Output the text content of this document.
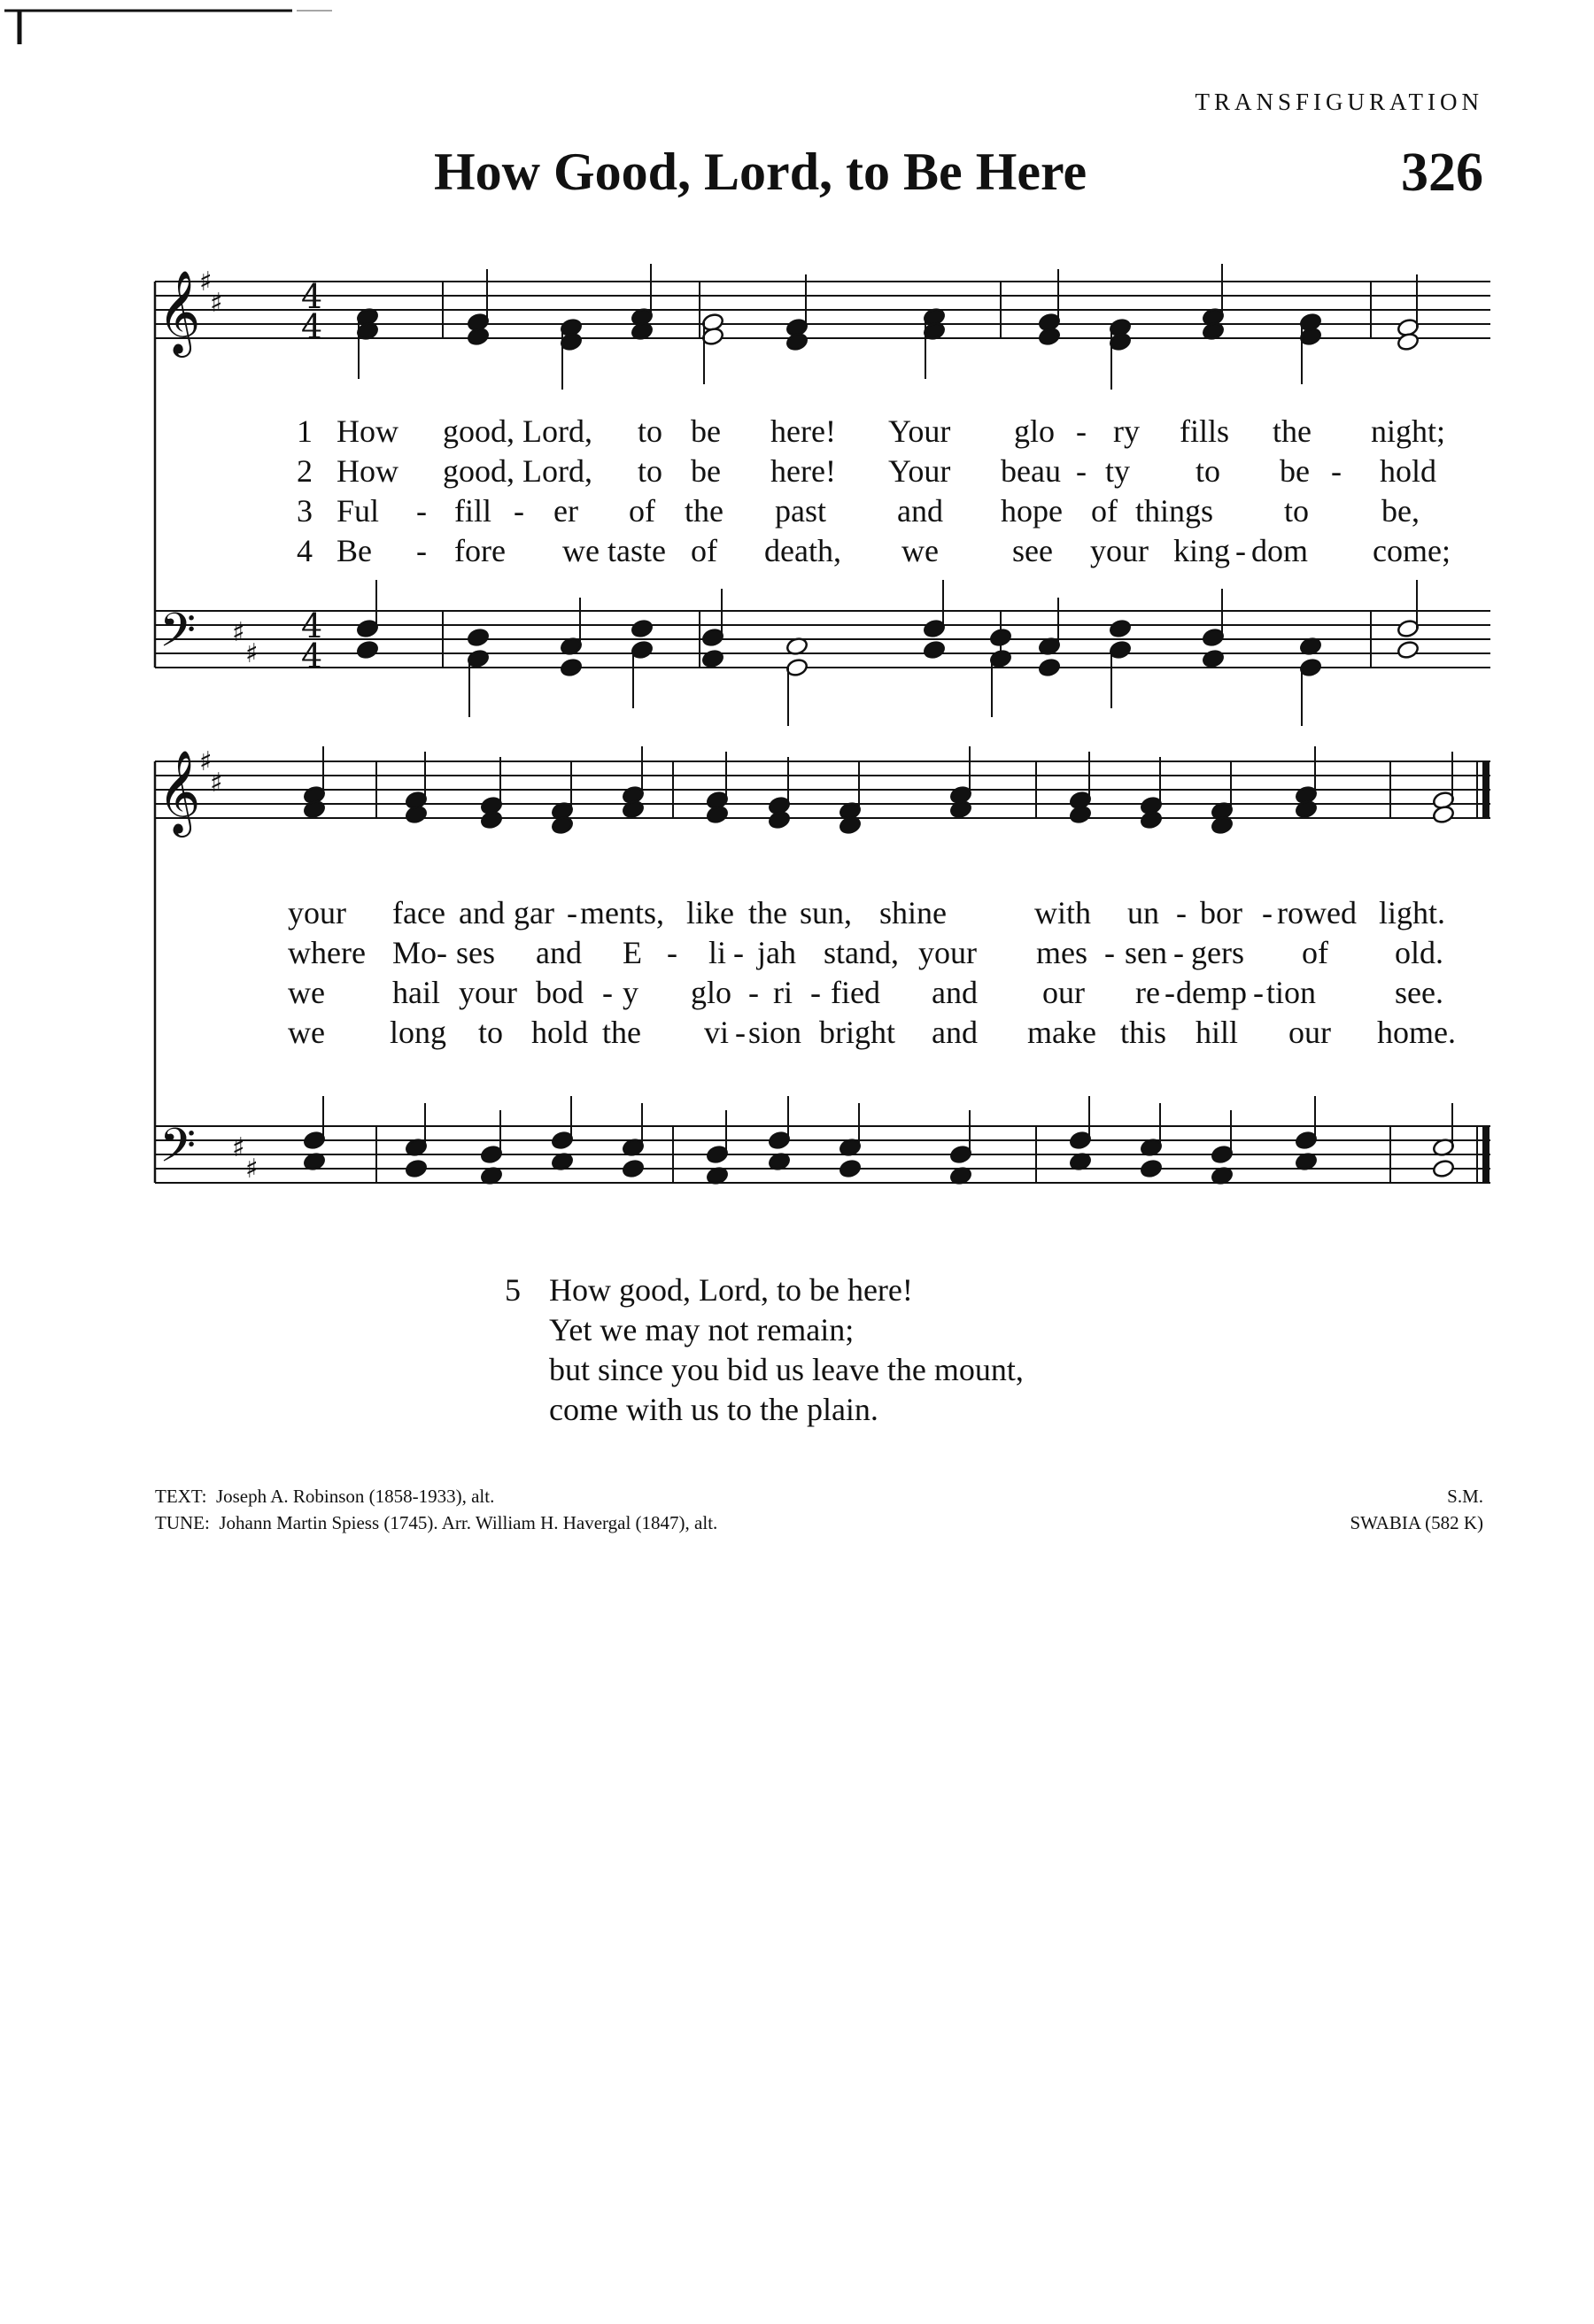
TRANSFIGURATION
How Good, Lord, to Be Here	326
1 How good, Lord, to be here! Your glo - ry fills the night;
2 How good, Lord, to be here! Your beau - ty to be - hold
3 Ful - fill - er of the past and hope of things to be,
4 Be - fore we taste of death, we see your king - dom come;
your face and gar - ments, like the sun, shine	with un - bor - rowed light.
where Mo - ses and E - li - jah stand, your mes - sen - gers of old.
we hail your bod - y glo - ri - fied and our re - demp - tion see.
we long to hold the vi - sion bright and make this hill our home.
5 How good, Lord, to be here!
Yet we may not remain;
but since you bid us leave the mount,
come with us to the plain.
TEXT: Joseph A. Robinson (1858-1933), alt.
TUNE: Johann Martin Spiess (1745). Arr. William H. Havergal (1847), alt.
S.M.
SWABIA (582 K)
𝄞
𝄢
♯
♯
♯
♯
4
4
4
4
𝄞
𝄢
♯
♯
♯
♯
